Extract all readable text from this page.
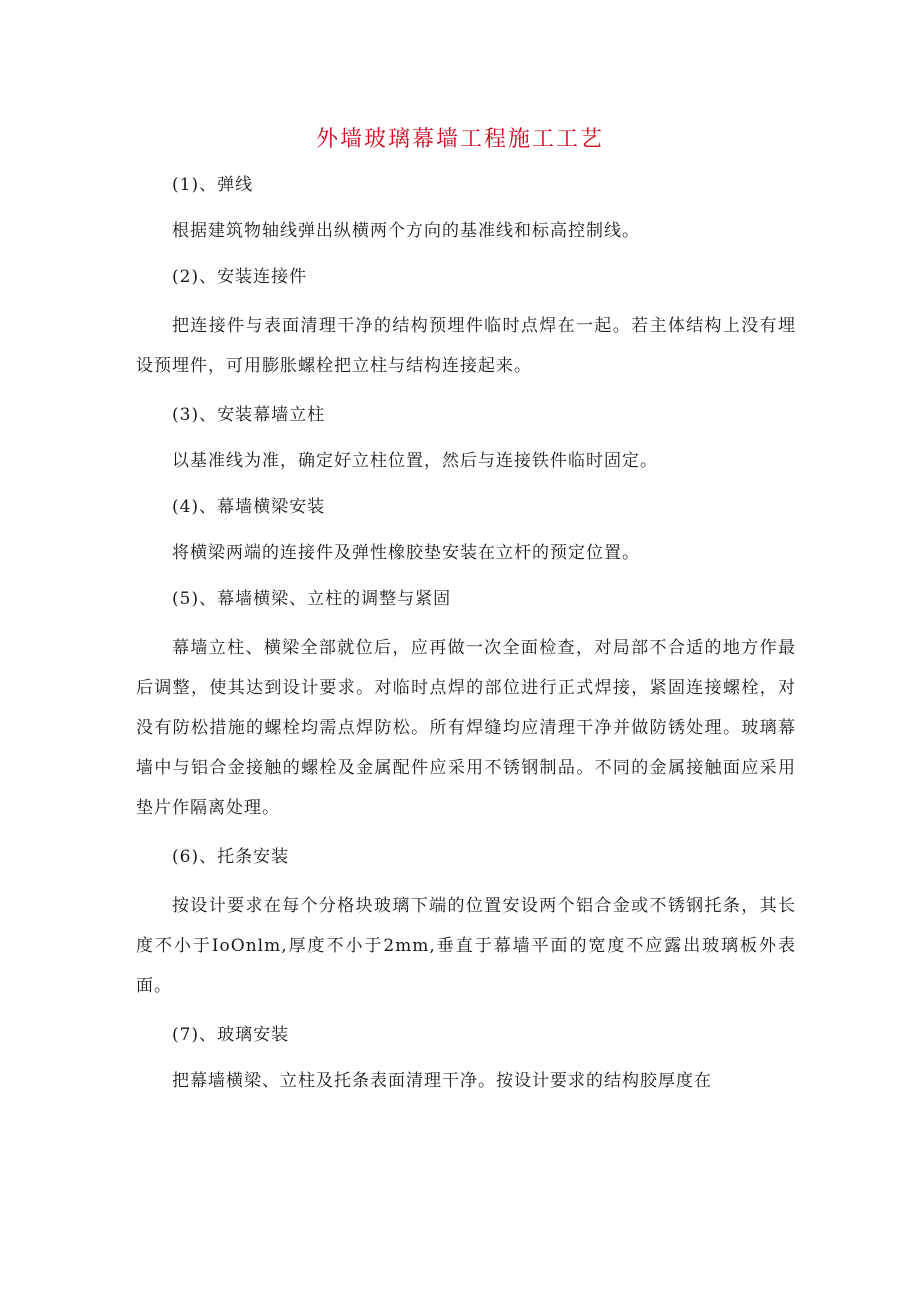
外墙玻璃幕墙工程施工工艺

(1)、弹线

根据建筑物轴线弹出纵横两个方向的基准线和标高控制线。

(2)、安装连接件

把连接件与表面清理干净的结构预埋件临时点焊在一起。若主体结构上没有埋设预埋件，可用膨胀螺栓把立柱与结构连接起来。

(3)、安装幕墙立柱

以基准线为准，确定好立柱位置，然后与连接铁件临时固定。

(4)、幕墙横梁安装

将横梁两端的连接件及弹性橡胶垫安装在立杆的预定位置。

(5)、幕墙横梁、立柱的调整与紧固

幕墙立柱、横梁全部就位后，应再做一次全面检查，对局部不合适的地方作最后调整，使其达到设计要求。对临时点焊的部位进行正式焊接，紧固连接螺栓，对没有防松措施的螺栓均需点焊防松。所有焊缝均应清理干净并做防锈处理。玻璃幕墙中与铝合金接触的螺栓及金属配件应采用不锈钢制品。不同的金属接触面应采用垫片作隔离处理。

(6)、托条安装

按设计要求在每个分格块玻璃下端的位置安设两个铝合金或不锈钢托条，其长度不小于IoOnlm,厚度不小于2mm,垂直于幕墙平面的宽度不应露出玻璃板外表面。

(7)、玻璃安装

把幕墙横梁、立柱及托条表面清理干净。按设计要求的结构胶厚度在
